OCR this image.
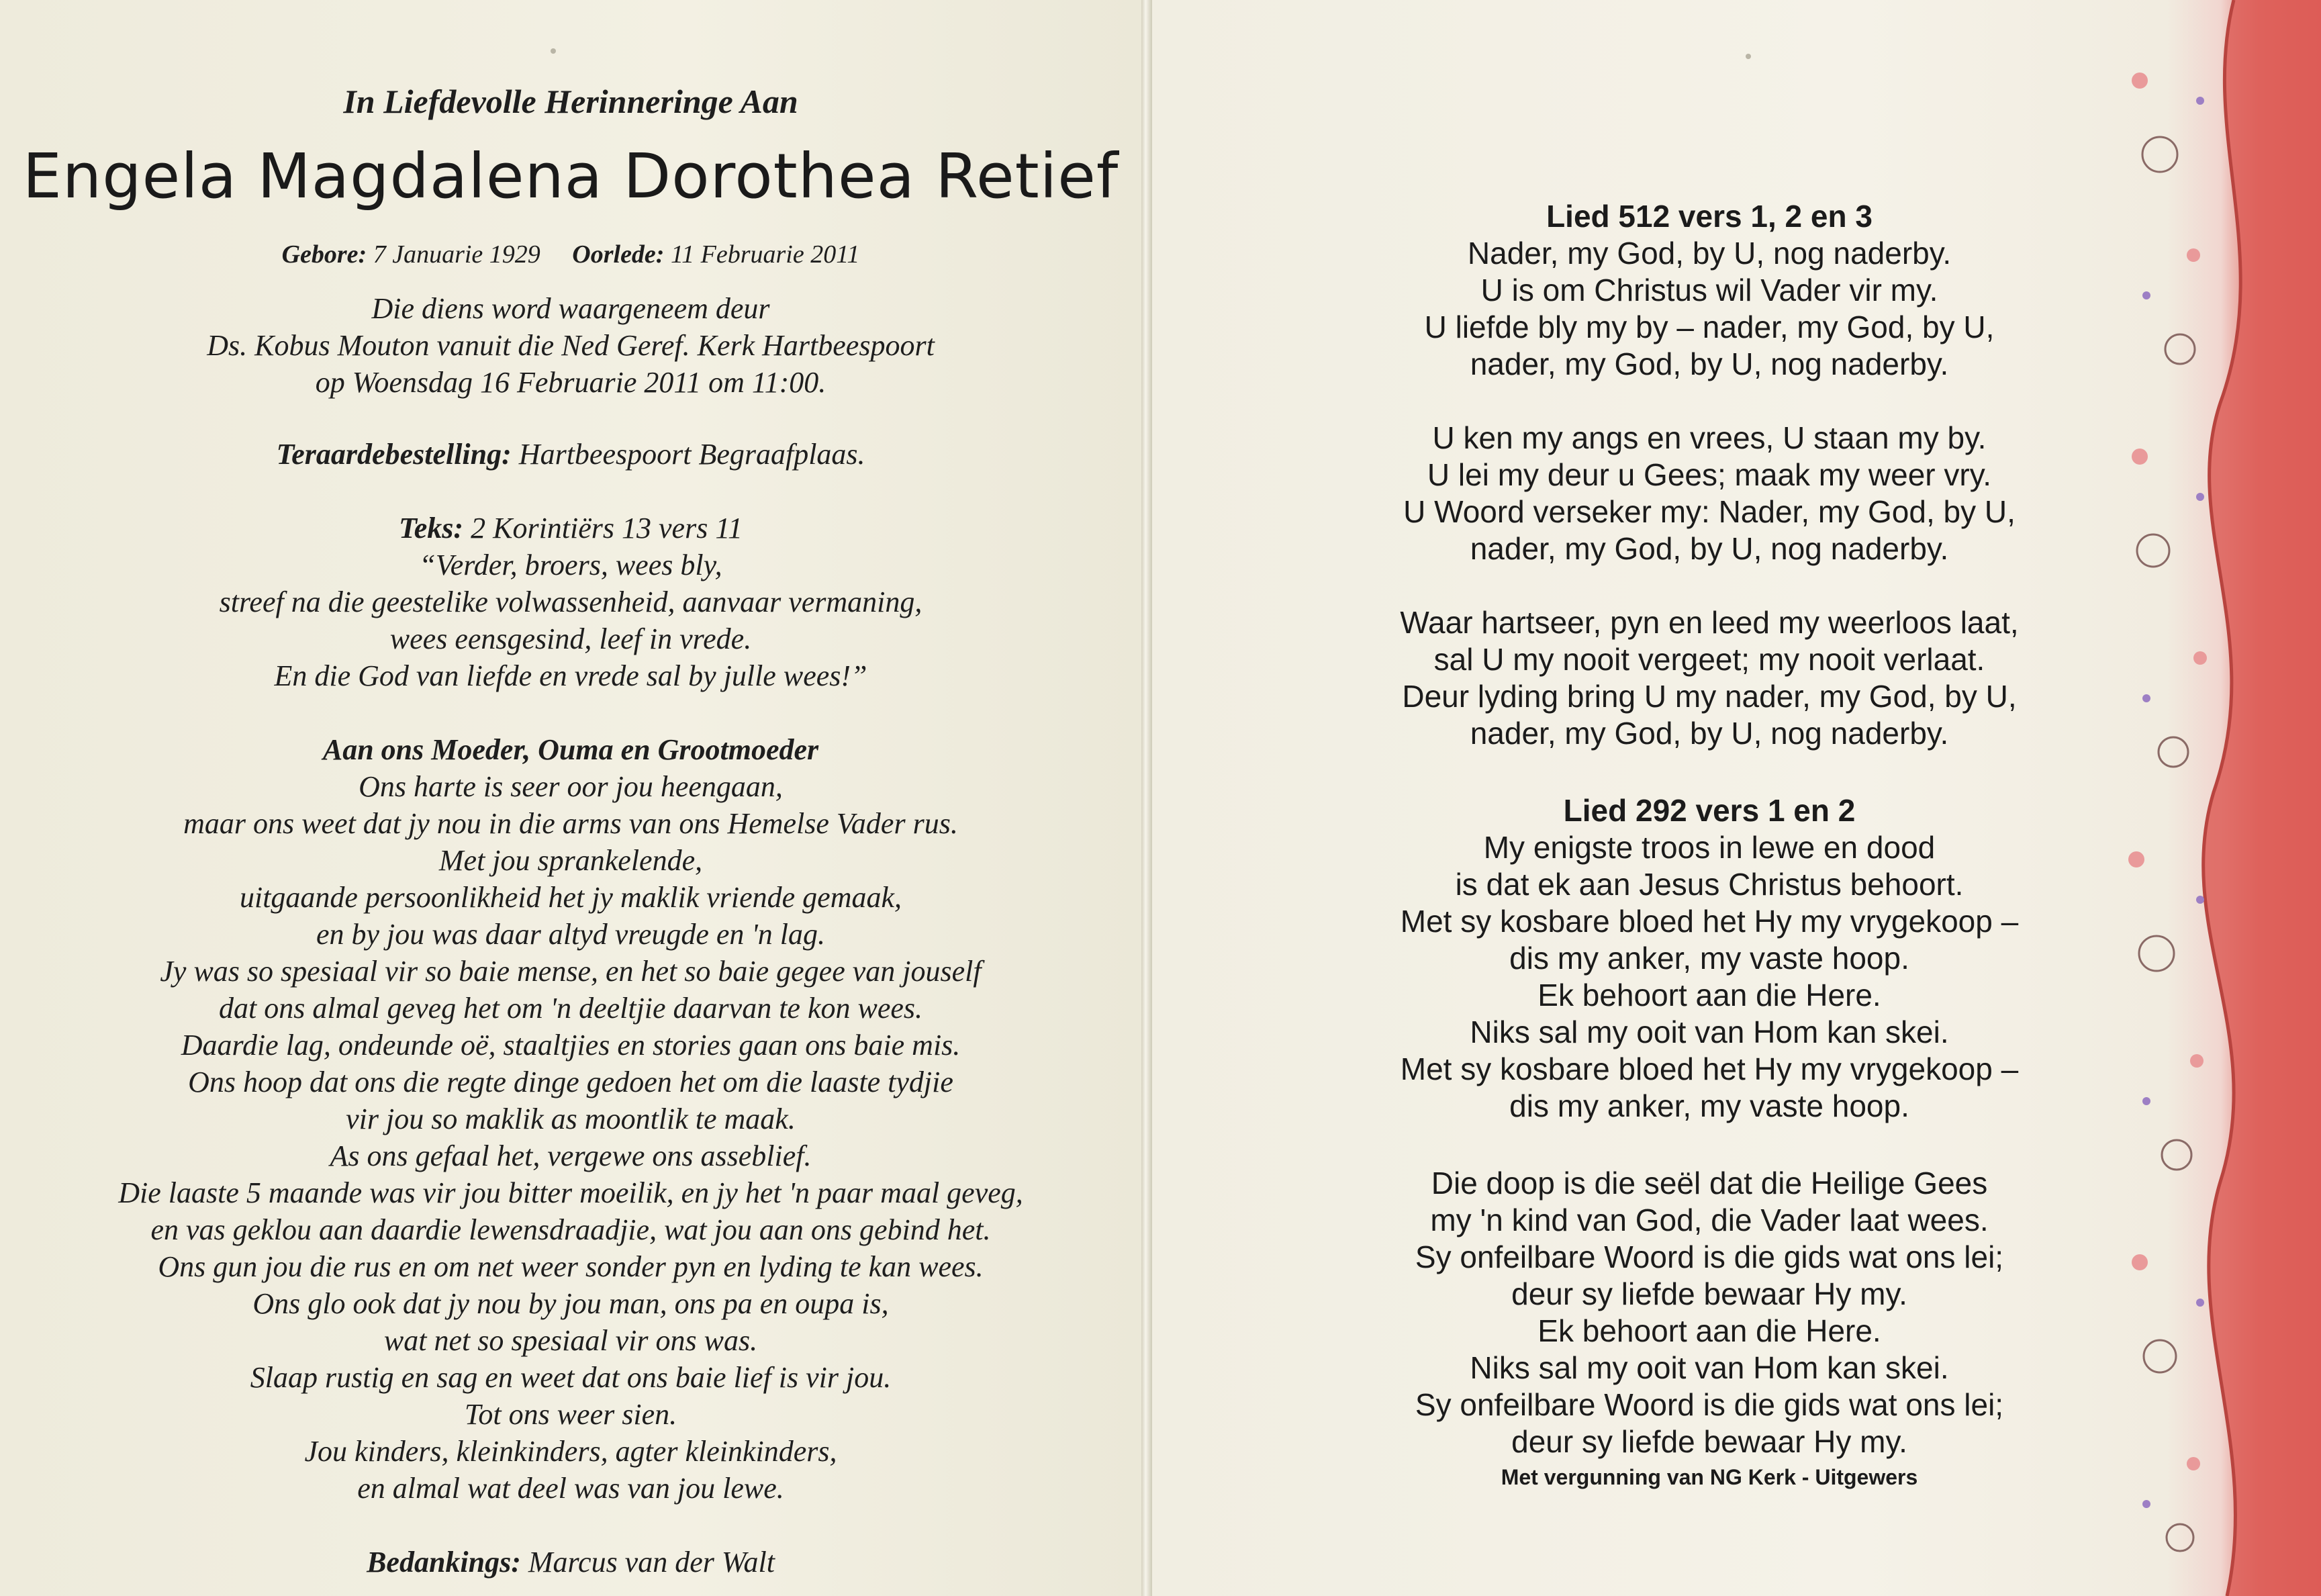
In Liefdevolle Herinneringe Aan
Engela Magdalena Dorothea Retief
Gebore: 7 Januarie 1929 Oorlede: 11 Februarie 2011
Die diens word waargeneem deur
Ds. Kobus Mouton vanuit die Ned Geref. Kerk Hartbeespoort
op Woensdag 16 Februarie 2011 om 11:00.
Teraardebestelling: Hartbeespoort Begraafplaas.
Teks: 2 Korintiërs 13 vers 11
“Verder, broers, wees bly,
streef na die geestelike volwassenheid, aanvaar vermaning,
wees eensgesind, leef in vrede.
En die God van liefde en vrede sal by julle wees!”
Aan ons Moeder, Ouma en Grootmoeder
Ons harte is seer oor jou heengaan,
maar ons weet dat jy nou in die arms van ons Hemelse Vader rus.
Met jou sprankelende,
uitgaande persoonlikheid het jy maklik vriende gemaak,
en by jou was daar altyd vreugde en 'n lag.
Jy was so spesiaal vir so baie mense, en het so baie gegee van jouself
dat ons almal geveg het om 'n deeltjie daarvan te kon wees.
Daardie lag, ondeunde oë, staaltjies en stories gaan ons baie mis.
Ons hoop dat ons die regte dinge gedoen het om die laaste tydjie
vir jou so maklik as moontlik te maak.
As ons gefaal het, vergewe ons asseblief.
Die laaste 5 maande was vir jou bitter moeilik, en jy het 'n paar maal geveg,
en vas geklou aan daardie lewensdraadjie, wat jou aan ons gebind het.
Ons gun jou die rus en om net weer sonder pyn en lyding te kan wees.
Ons glo ook dat jy nou by jou man, ons pa en oupa is,
wat net so spesiaal vir ons was.
Slaap rustig en sag en weet dat ons baie lief is vir jou.
Tot ons weer sien.
Jou kinders, kleinkinders, agter kleinkinders,
en almal wat deel was van jou lewe.
Bedankings: Marcus van der Walt
Lied 512 vers 1, 2 en 3
Nader, my God, by U, nog naderby.
U is om Christus wil Vader vir my.
U liefde bly my by – nader, my God, by U,
nader, my God, by U, nog naderby.
U ken my angs en vrees, U staan my by.
U lei my deur u Gees; maak my weer vry.
U Woord verseker my: Nader, my God, by U,
nader, my God, by U, nog naderby.
Waar hartseer, pyn en leed my weerloos laat,
sal U my nooit vergeet; my nooit verlaat.
Deur lyding bring U my nader, my God, by U,
nader, my God, by U, nog naderby.
Lied 292 vers 1 en 2
My enigste troos in lewe en dood
is dat ek aan Jesus Christus behoort.
Met sy kosbare bloed het Hy my vrygekoop –
dis my anker, my vaste hoop.
Ek behoort aan die Here.
Niks sal my ooit van Hom kan skei.
Met sy kosbare bloed het Hy my vrygekoop –
dis my anker, my vaste hoop.
Die doop is die seël dat die Heilige Gees
my 'n kind van God, die Vader laat wees.
Sy onfeilbare Woord is die gids wat ons lei;
deur sy liefde bewaar Hy my.
Ek behoort aan die Here.
Niks sal my ooit van Hom kan skei.
Sy onfeilbare Woord is die gids wat ons lei;
deur sy liefde bewaar Hy my.
Met vergunning van NG Kerk - Uitgewers
